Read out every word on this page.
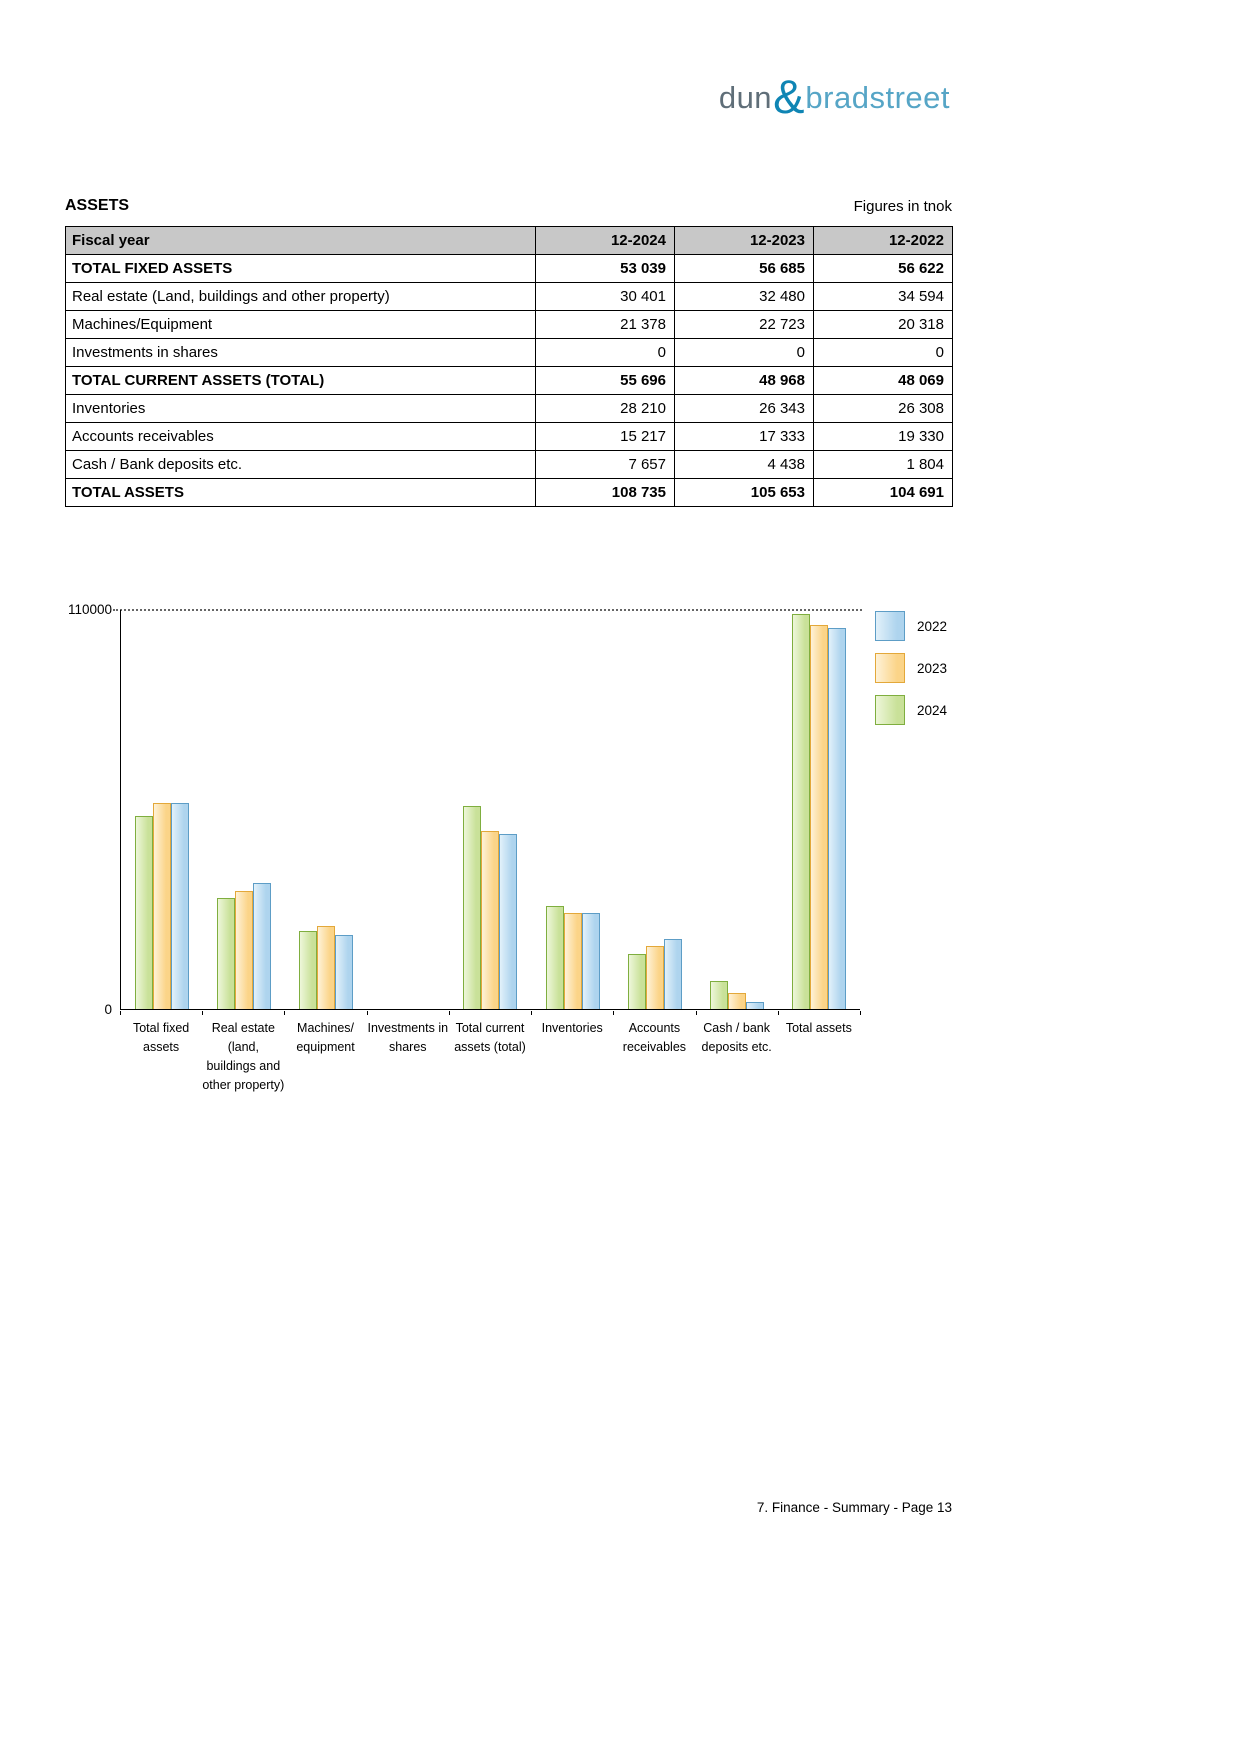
dun & bradstreet
ASSETS	Figures in tnok
Fiscal year	12-2024	12-2023	12-2022
TOTAL FIXED ASSETS	53 039	56 685	56 622
Real estate (Land, buildings and other property)	30 401	32 480	34 594
Machines/Equipment	21 378	22 723	20 318
Investments in shares	0	0	0
TOTAL CURRENT ASSETS (TOTAL)	55 696	48 968	48 069
Inventories	28 210	26 343	26 308
Accounts receivables	15 217	17 333	19 330
Cash / Bank deposits etc.	7 657	4 438	1 804
TOTAL ASSETS	108 735	105 653	104 691
110000
0
Total fixed
assets
Real estate
(land,
buildings and
other property)
Machines/
equipment
Investments in
shares
Total current
assets (total)
Inventories	Accounts
receivables
Cash / bank
deposits etc.
Total assets
2022
2023
2024
7. Finance - Summary - Page 13
